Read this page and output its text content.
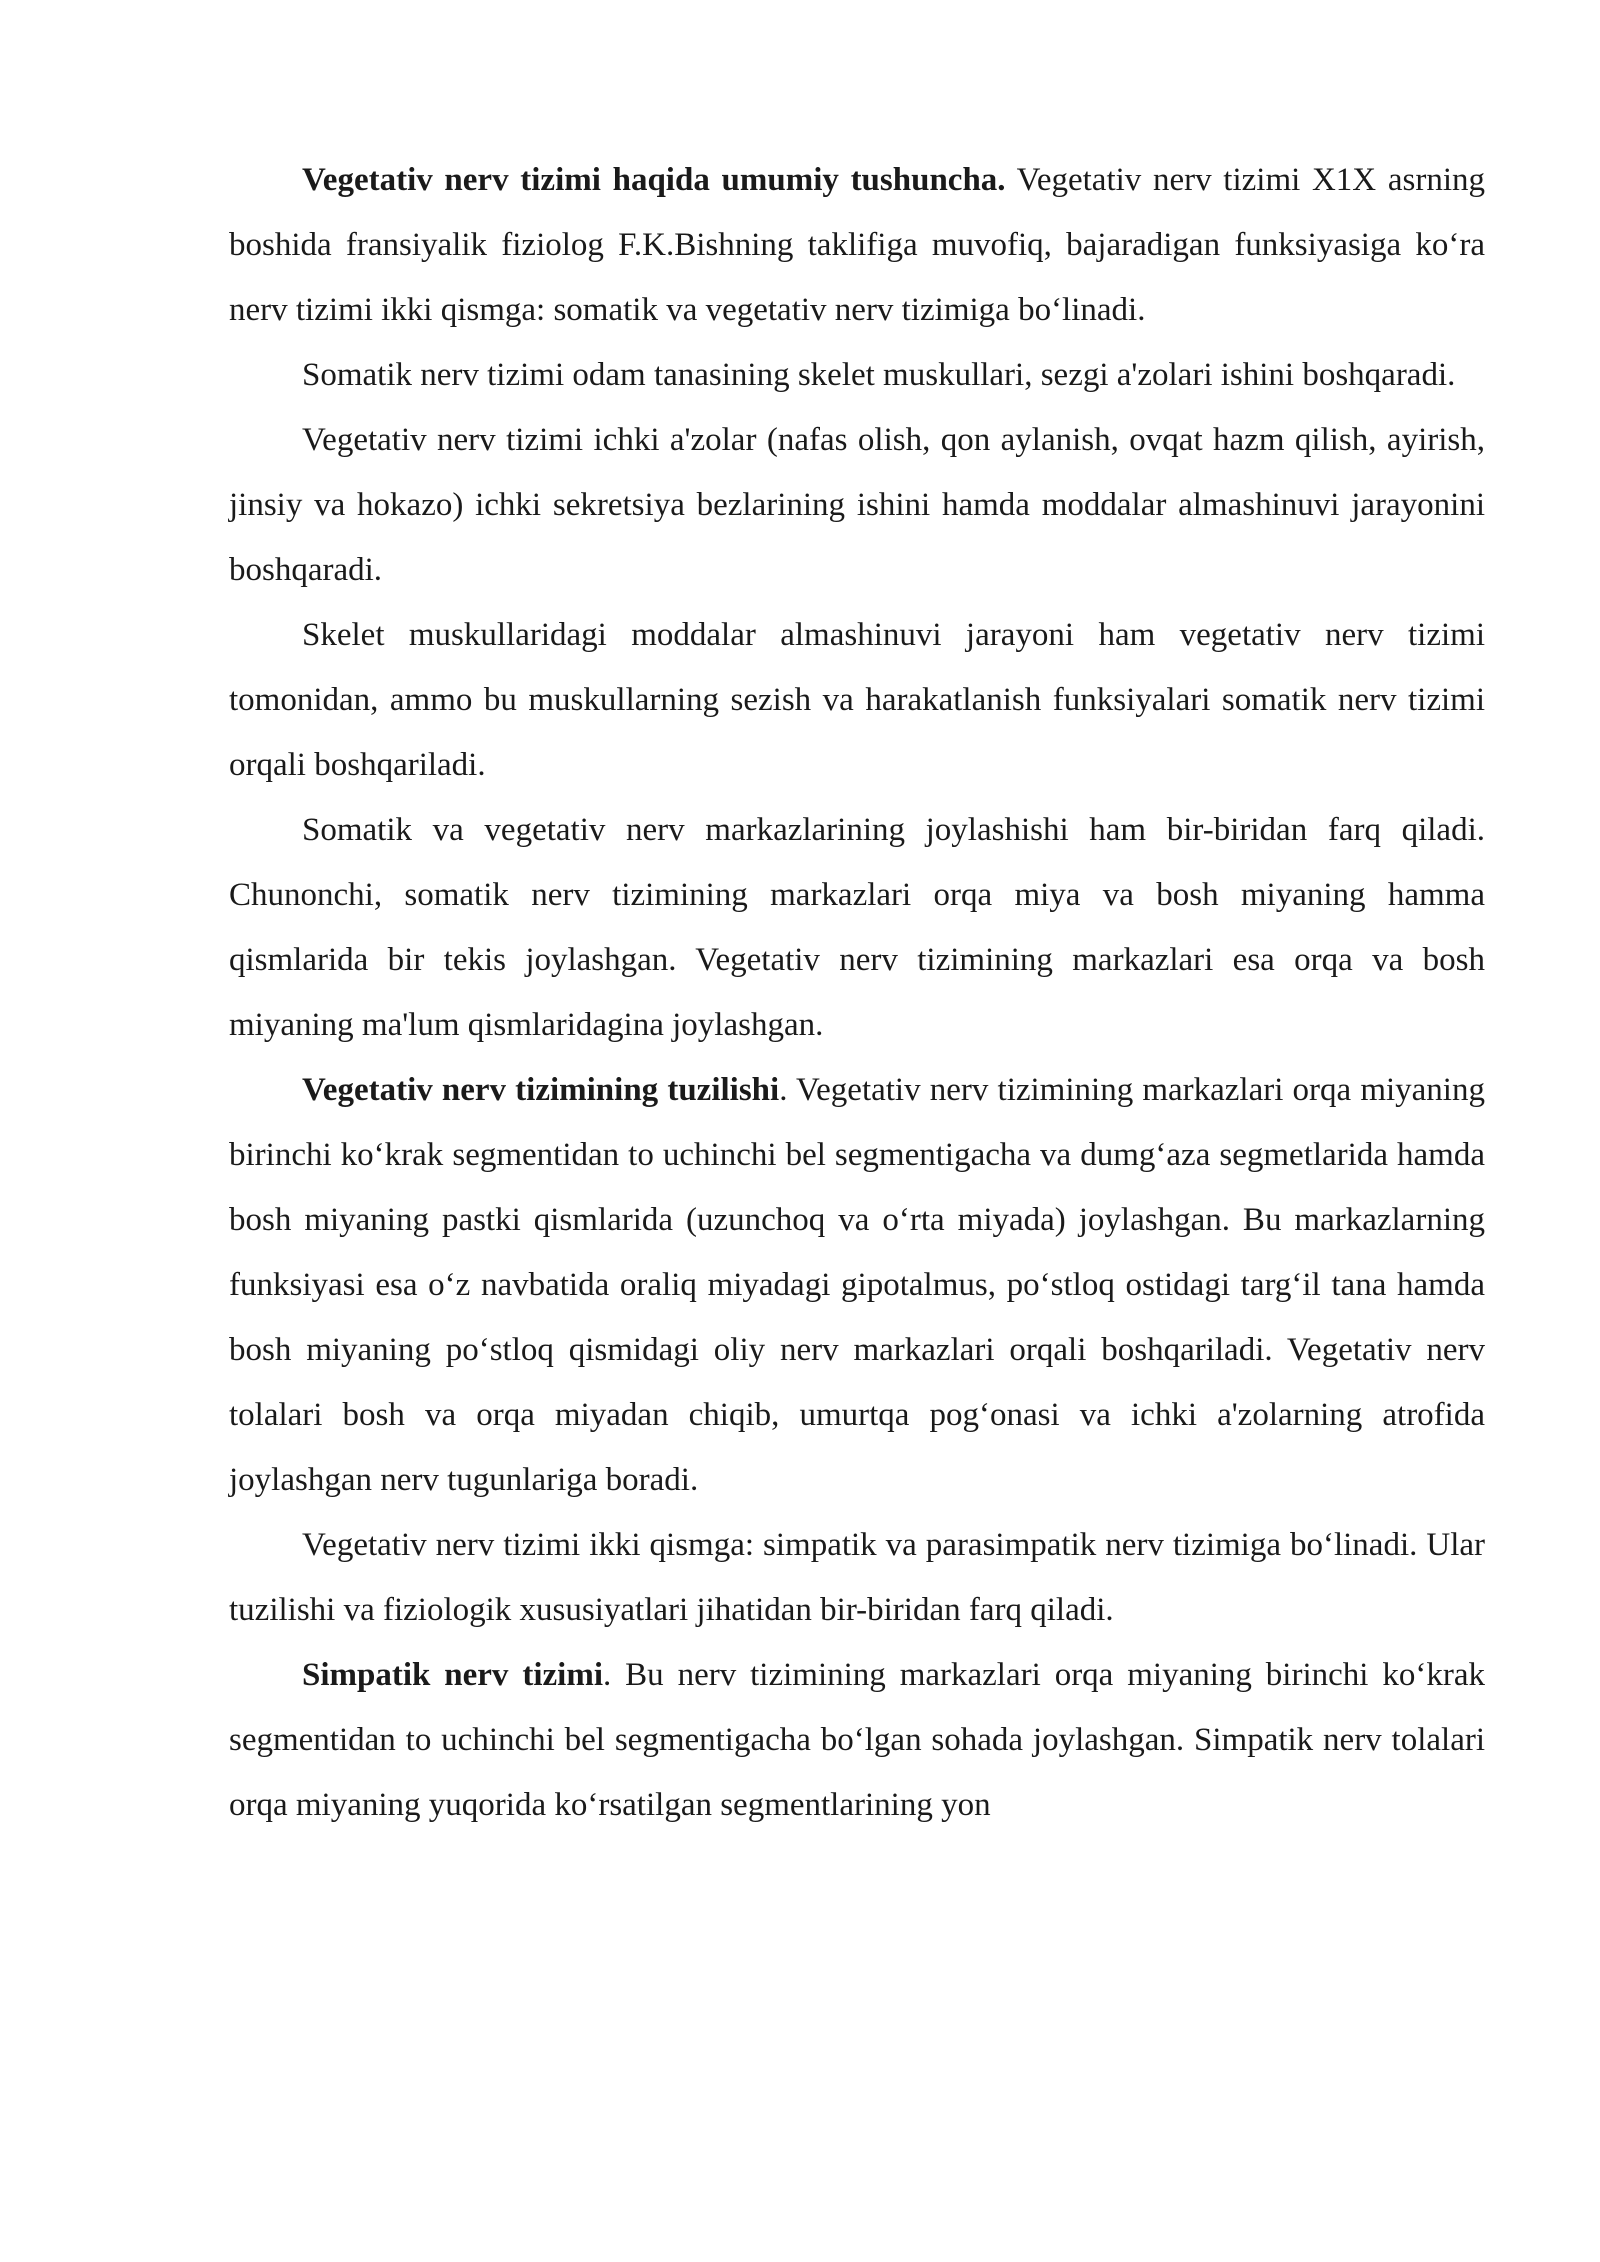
Vegetativ nerv tizimi haqida umumiy tushuncha. Vegetativ nerv tizimi X1X asrning boshida fransiyalik fiziolog F.K.Bishning taklifiga muvofiq, bajaradigan funksiyasiga ko‘ra nerv tizimi ikki qismga: somatik va vegetativ nerv tizimiga bo‘linadi.

Somatik nerv tizimi odam tanasining skelet muskullari, sezgi a'zolari ishini boshqaradi.

Vegetativ nerv tizimi ichki a'zolar (nafas olish, qon aylanish, ovqat hazm qilish, ayirish, jinsiy va hokazo) ichki sekretsiya bezlarining ishini hamda moddalar almashinuvi jarayonini boshqaradi.

Skelet muskullaridagi moddalar almashinuvi jarayoni ham vegetativ nerv tizimi tomonidan, ammo bu muskullarning sezish va harakatlanish funksiyalari somatik nerv tizimi orqali boshqariladi.

Somatik va vegetativ nerv markazlarining joylashishi ham bir-biridan farq qiladi. Chunonchi, somatik nerv tizimining markazlari orqa miya va bosh miyaning hamma qismlarida bir tekis joylashgan. Vegetativ nerv tizimining markazlari esa orqa va bosh miyaning ma'lum qismlaridagina joylashgan.

Vegetativ nerv tizimining tuzilishi. Vegetativ nerv tizimining markazlari orqa miyaning birinchi ko‘krak segmentidan to uchinchi bel segmentigacha va dumg‘aza segmetlarida hamda bosh miyaning pastki qismlarida (uzunchoq va o‘rta miyada) joylashgan. Bu markazlarning funksiyasi esa o‘z navbatida oraliq miyadagi gipotalmus, po‘stloq ostidagi targ‘il tana hamda bosh miyaning po‘stloq qismidagi oliy nerv markazlari orqali boshqariladi. Vegetativ nerv tolalari bosh va orqa miyadan chiqib, umurtqa pog‘onasi va ichki a'zolarning atrofida joylashgan nerv tugunlariga boradi.

Vegetativ nerv tizimi ikki qismga: simpatik va parasimpatik nerv tizimiga bo‘linadi. Ular tuzilishi va fiziologik xususiyatlari jihatidan bir-biridan farq qiladi.

Simpatik nerv tizimi. Bu nerv tizimining markazlari orqa miyaning birinchi ko‘krak segmentidan to uchinchi bel segmentigacha bo‘lgan sohada joylashgan. Simpatik nerv tolalari orqa miyaning yuqorida ko‘rsatilgan segmentlarining yon
